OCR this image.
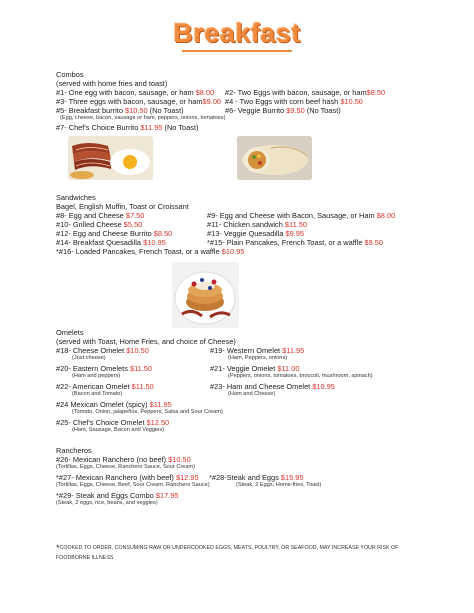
Breakfast
Combos
(served with home fries and toast)
#1- One egg with bacon, sausage, or ham $8.00 #2- Two Eggs with bacon, sausage, or ham$8.50
#3- Three eggs with bacon, sausage, or ham$9.00 #4 - Two Eggs with corn beef hash $10.50
#5- Breakfast burrito $10.50 (No Toast)	#6- Veggie Burrito $9.50 (No Toast)
(Egg, cheese, bacon, sausage or ham, peppers, onions, tomatoes)
#7- Chef's Choice Burrito $11.95 (No Toast)
Sandwiches
Bagel, English Muffin, Toast or Croissant
#8- Egg and Cheese $7.50	#9- Egg and Cheese with Bacon, Sausage, or Ham $8.00
#10- Grilled Cheese $5.50	#11- Chicken sandwich $11.50
#12- Egg and Cheese Burrito $8.50	#13- Veggie Quesadilla $9.95
#14- Breakfast Quesadilla $10.95	*#15- Plain Pancakes, French Toast, or a waffle $9.50
*#16- Loaded Pancakes, French Toast, or a waffle $10.95
Omelets
(served with Toast, Home Fries, and choice of Cheese)
#18- Cheese Omelet $10.50	#19- Western Omelet $11.95
(Just cheese)	(Ham, Peppers, onions)
#20- Eastern Omelets $11.50	#21- Veggie Omelet $11.00
(Ham and peppers)	(Peppers, onions, tomatoes, broccoli, mushroom, spinach)
#22- American Omelet $11.50	#23- Ham and Cheese Omelet $10.95
(Bacon and Tomato)	(Ham and Cheese)
#24 Mexican Omelet (spicy) $11.95
(Tomato, Onion, jalapeños, Peppers, Salsa and Sour Cream)
#25- Chef's Choice Omelet $12.50
(Ham, Sausage, Bacon and Veggies)
Rancheros
#26- Mexican Ranchero (no beef) $10.50
(Tortillas, Eggs, Cheese, Ranchero Sauce, Sour Cream)
*#27- Mexican Ranchero (with beef) $12.95 *#28-Steak and Eggs $15.95
(Tortillas, Eggs, Cheese, Beef, Sour Cream, Ranchero Sauce)	(Steak, 2 Eggs, Home-fries, Toast)
*#29- Steak and Eggs Combo $17.95
(Steak, 2 eggs, rice, beans, and veggies)
*COOKED TO ORDER, CONSUMING RAW OR UNDERCOOKED EGGS, MEATS, POULTRY, OR SEAFOOD, MAY INCREASE YOUR RISK OF
FOODBORNE ILLNESS
